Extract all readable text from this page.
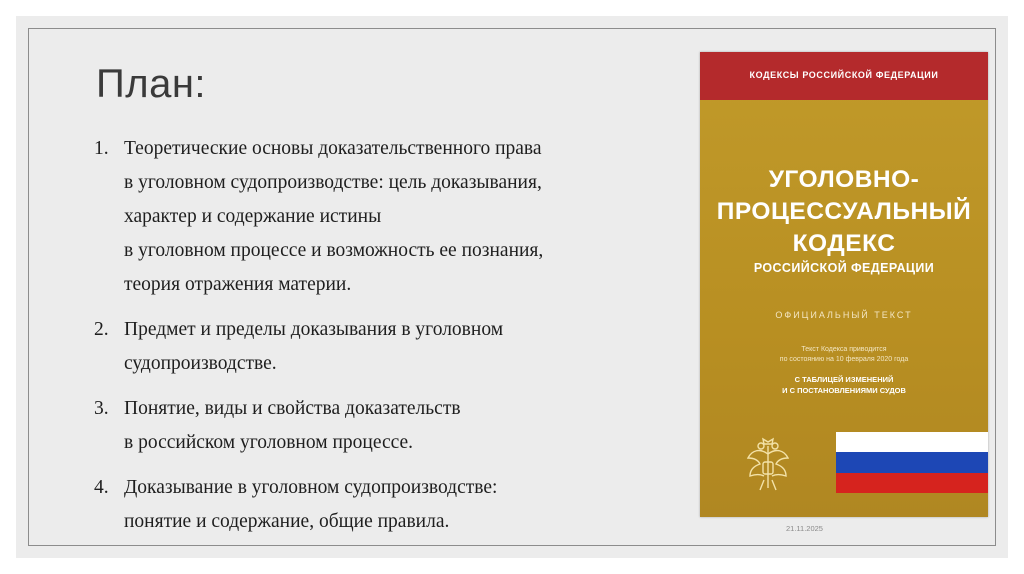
План:
1. Теоретические основы доказательственного права
в уголовном судопроизводстве: цель доказывания,
характер и содержание истины
в уголовном процессе и возможность ее познания,
теория отражения материи.
2. Предмет и пределы доказывания в уголовном
судопроизводстве.
3. Понятие, виды и свойства доказательств
в российском уголовном процессе.
4. Доказывание в уголовном судопроизводстве:
понятие и содержание, общие правила.
КОДЕКСЫ РОССИЙСКОЙ ФЕДЕРАЦИИ
УГОЛОВНО-
ПРОЦЕССУАЛЬНЫЙ
КОДЕКС
РОССИЙСКОЙ ФЕДЕРАЦИИ
ОФИЦИАЛЬНЫЙ ТЕКСТ
Текст Кодекса приводится
по состоянию на 10 февраля 2020 года
С ТАБЛИЦЕЙ ИЗМЕНЕНИЙ
И С ПОСТАНОВЛЕНИЯМИ СУДОВ
21.11.2025
